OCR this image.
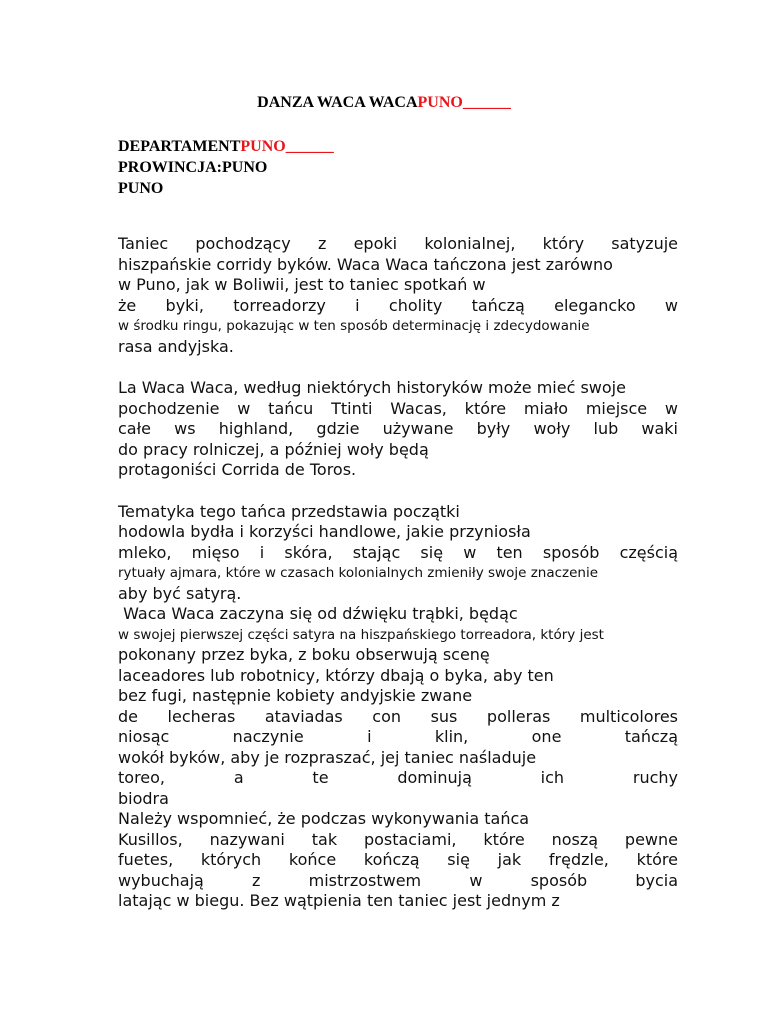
DANZA WACA WACAPUNO______
DEPARTAMENTPUNO______
PROWINCJA:PUNO
PUNO
Taniec pochodzący z epoki kolonialnej, który satyzuje
hiszpańskie corridy byków. Waca Waca tańczona jest zarówno
w Puno, jak w Boliwii, jest to taniec spotkań w
że byki, torreadorzy i cholity tańczą elegancko w
w środku ringu, pokazując w ten sposób determinację i zdecydowanie
rasa andyjska.
La Waca Waca, według niektórych historyków może mieć swoje
pochodzenie w tańcu Ttinti Wacas, które miało miejsce w
całe ws highland, gdzie używane były woły lub waki
do pracy rolniczej, a później woły będą
protagoniści Corrida de Toros.
Tematyka tego tańca przedstawia początki
hodowla bydła i korzyści handlowe, jakie przyniosła
mleko, mięso i skóra, stając się w ten sposób częścią
rytuały ajmara, które w czasach kolonialnych zmieniły swoje znaczenie
aby być satyrą.
Waca Waca zaczyna się od dźwięku trąbki, będąc
w swojej pierwszej części satyra na hiszpańskiego torreadora, który jest
pokonany przez byka, z boku obserwują scenę
laceadores lub robotnicy, którzy dbają o byka, aby ten
bez fugi, następnie kobiety andyjskie zwane
de lecheras ataviadas con sus polleras multicolores
niosąc naczynie i klin, one tańczą
wokół byków, aby je rozpraszać, jej taniec naśladuje
toreo, a te dominują ich ruchy
biodra
Należy wspomnieć, że podczas wykonywania tańca
Kusillos, nazywani tak postaciami, które noszą pewne
fuetes, których końce kończą się jak frędzle, które
wybuchają z mistrzostwem w sposób bycia
latając w biegu. Bez wątpienia ten taniec jest jednym z
